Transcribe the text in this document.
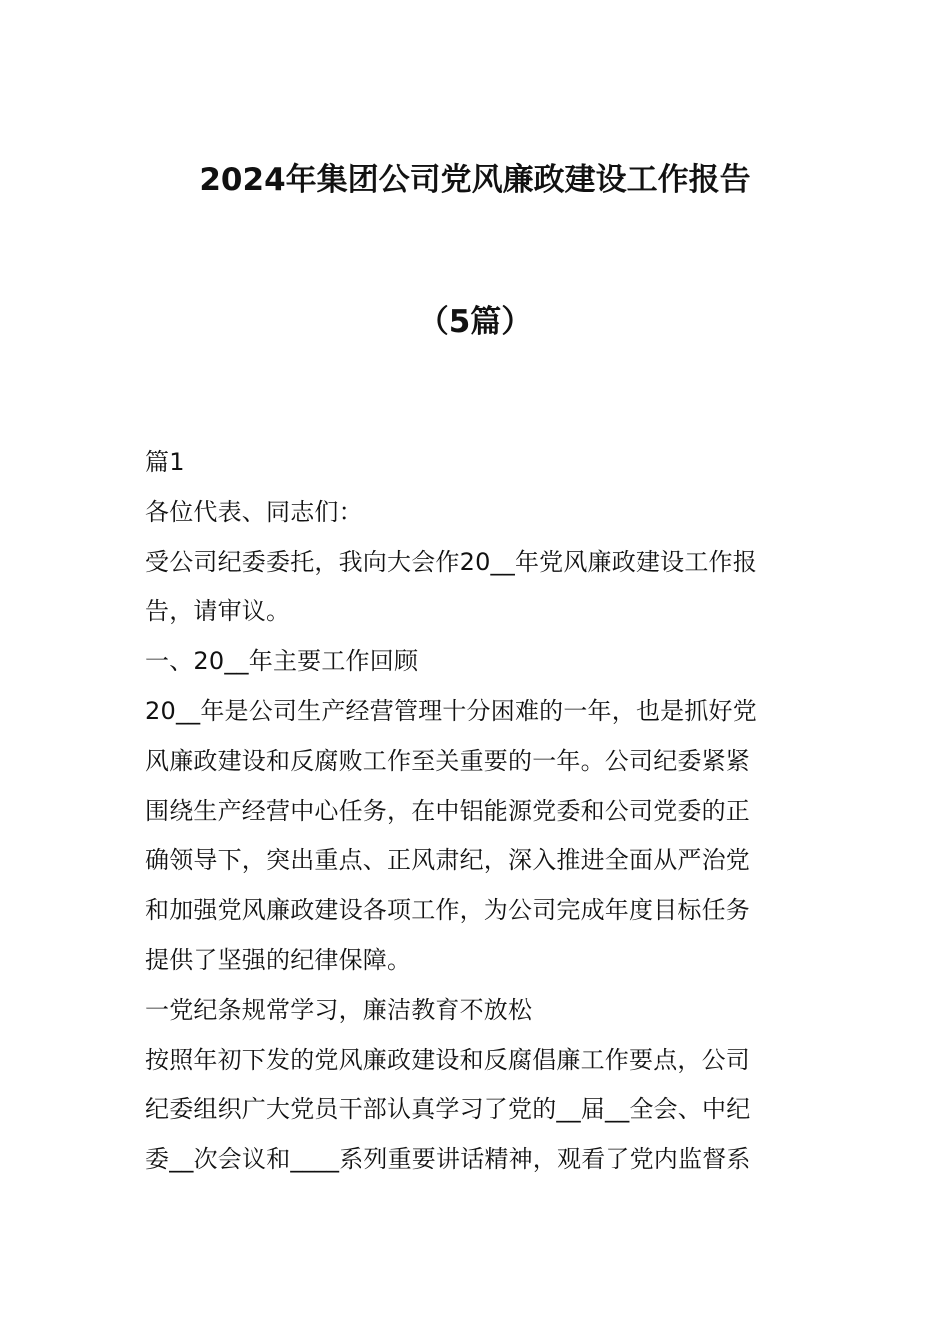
2024年集团公司党风廉政建设工作报告
（5篇）

篇1

各位代表、同志们：

受公司纪委委托，我向大会作20__年党风廉政建设工作报

告，请审议。

一、20__年主要工作回顾

20__年是公司生产经营管理十分困难的一年，也是抓好党

风廉政建设和反腐败工作至关重要的一年。公司纪委紧紧

围绕生产经营中心任务，在中铝能源党委和公司党委的正

确领导下，突出重点、正风肃纪，深入推进全面从严治党

和加强党风廉政建设各项工作，为公司完成年度目标任务

提供了坚强的纪律保障。

一党纪条规常学习，廉洁教育不放松

按照年初下发的党风廉政建设和反腐倡廉工作要点，公司

纪委组织广大党员干部认真学习了党的__届__全会、中纪

委__次会议和____系列重要讲话精神，观看了党内监督系
